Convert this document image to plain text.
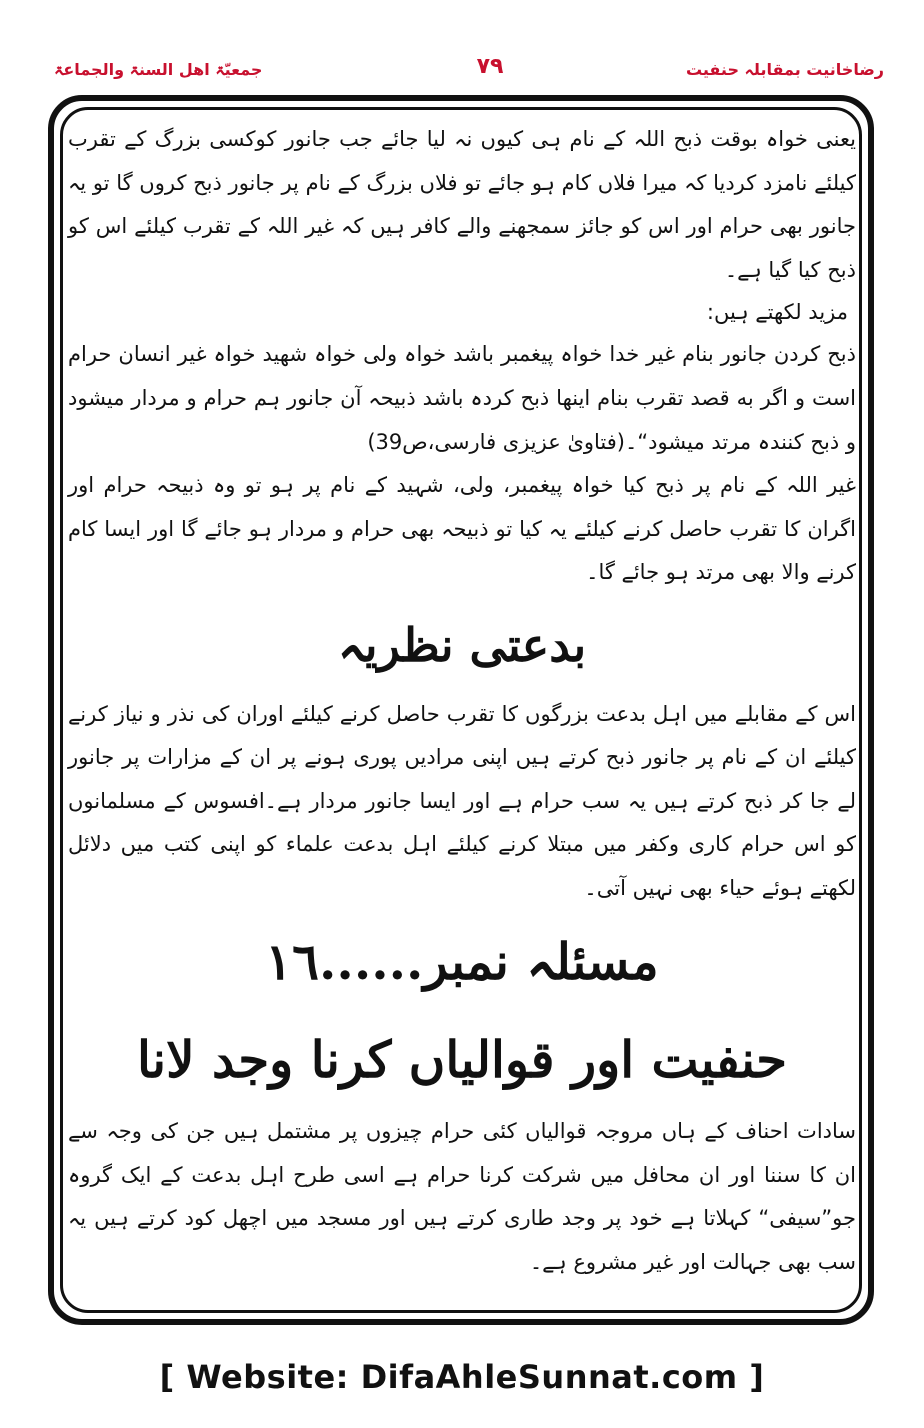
رضاخانیت بمقابلہ حنفیت
۷۹
جمعیّۃ اهل السنۃ والجماعۃ

یعنی خواہ بوقت ذبح اللہ کے نام ہی کیوں نہ لیا جائے جب جانور کوکسی بزرگ کے تقرب کیلئے نامزد کردیا کہ میرا فلاں کام ہو جائے تو فلاں بزرگ کے نام پر جانور ذبح کروں گا تو یہ جانور بھی حرام اور اس کو جائز سمجھنے والے کافر ہیں کہ غیر اللہ کے تقرب کیلئے اس کو ذبح کیا گیا ہے۔

مزید لکھتے ہیں:

ذبح کردن جانور بنام غیر خدا خواہ پیغمبر باشد خواہ ولی خواہ شهید خواہ غیر انسان حرام است و اگر به قصد تقرب بنام اینها ذبح کردہ باشد ذبیحہ آن جانور ہم حرام و مردار میشود و ذبح کنندہ مرتد میشود“۔(فتاویٰ عزیزی فارسی،ص39)

غیر اللہ کے نام پر ذبح کیا خواہ پیغمبر، ولی، شہید کے نام پر ہو تو وہ ذبیحہ حرام اور اگران کا تقرب حاصل کرنے کیلئے یہ کیا تو ذبیحہ بھی حرام و مردار ہو جائے گا اور ایسا کام کرنے والا بھی مرتد ہو جائے گا۔

بدعتی نظریہ

اس کے مقابلے میں اہل بدعت بزرگوں کا تقرب حاصل کرنے کیلئے اوران کی نذر و نیاز کرنے کیلئے ان کے نام پر جانور ذبح کرتے ہیں اپنی مرادیں پوری ہونے پر ان کے مزارات پر جانور لے جا کر ذبح کرتے ہیں یہ سب حرام ہے اور ایسا جانور مردار ہے۔افسوس کے مسلمانوں کو اس حرام کاری وکفر میں مبتلا کرنے کیلئے اہل بدعت علماء کو اپنی کتب میں دلائل لکھتے ہوئے حیاء بھی نہیں آتی۔

مسئلہ نمبر......١٦
حنفیت اور قوالیاں کرنا وجد لانا

سادات احناف کے ہاں مروجہ قوالیاں کئی حرام چیزوں پر مشتمل ہیں جن کی وجہ سے ان کا سننا اور ان محافل میں شرکت کرنا حرام ہے اسی طرح اہل بدعت کے ایک گروہ جو”سیفی“ کہلاتا ہے خود پر وجد طاری کرتے ہیں اور مسجد میں اچھل کود کرتے ہیں یہ سب بھی جہالت اور غیر مشروع ہے۔

[ Website: DifaAhleSunnat.com ]
